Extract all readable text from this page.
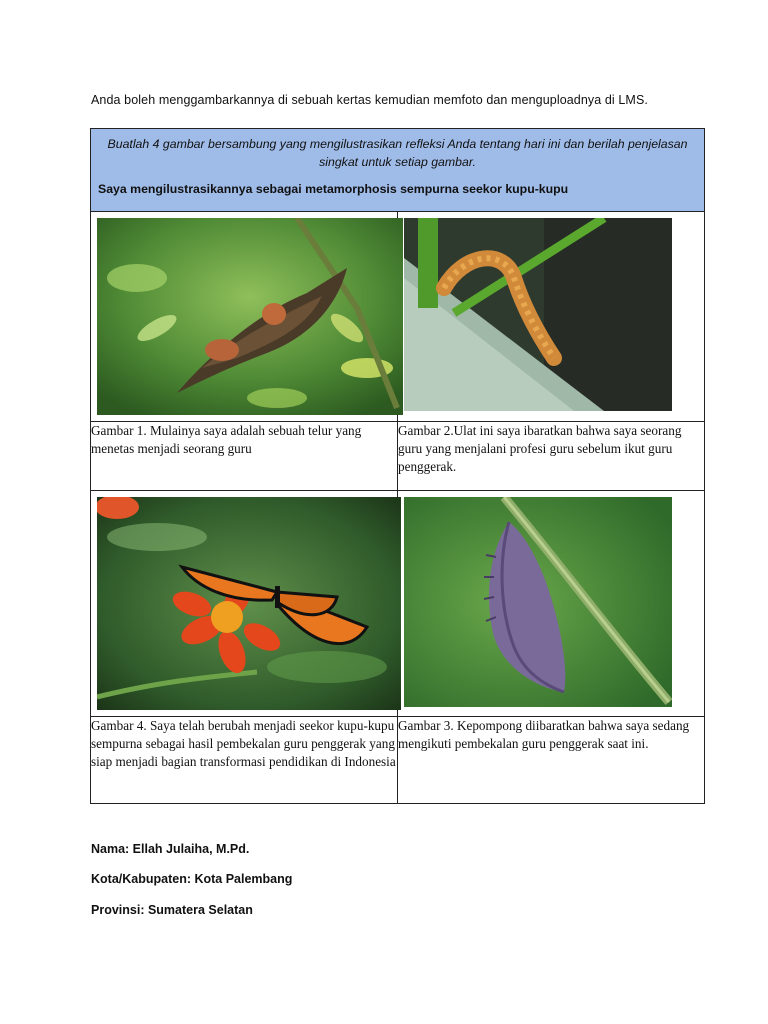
Anda boleh menggambarkannya di sebuah kertas kemudian memfoto dan menguploadnya di LMS.
Buatlah 4 gambar bersambung yang mengilustrasikan refleksi Anda tentang hari ini dan berilah penjelasan singkat untuk setiap gambar.
Saya mengilustrasikannya sebagai metamorphosis sempurna seekor kupu-kupu	

Gambar 1. Mulainya saya adalah sebuah telur yang menetas menjadi seorang guru	Gambar 2.Ulat ini saya ibaratkan bahwa saya seorang guru yang menjalani profesi guru sebelum ikut guru penggerak.

Gambar 4. Saya telah berubah menjadi seekor kupu-kupu sempurna sebagai hasil pembekalan guru penggerak yang siap menjadi bagian transformasi pendidikan di Indonesia	Gambar 3. Kepompong diibaratkan bahwa saya sedang mengikuti pembekalan guru penggerak saat ini.
Nama: Ellah Julaiha, M.Pd.
Kota/Kabupaten: Kota Palembang
Provinsi: Sumatera Selatan
